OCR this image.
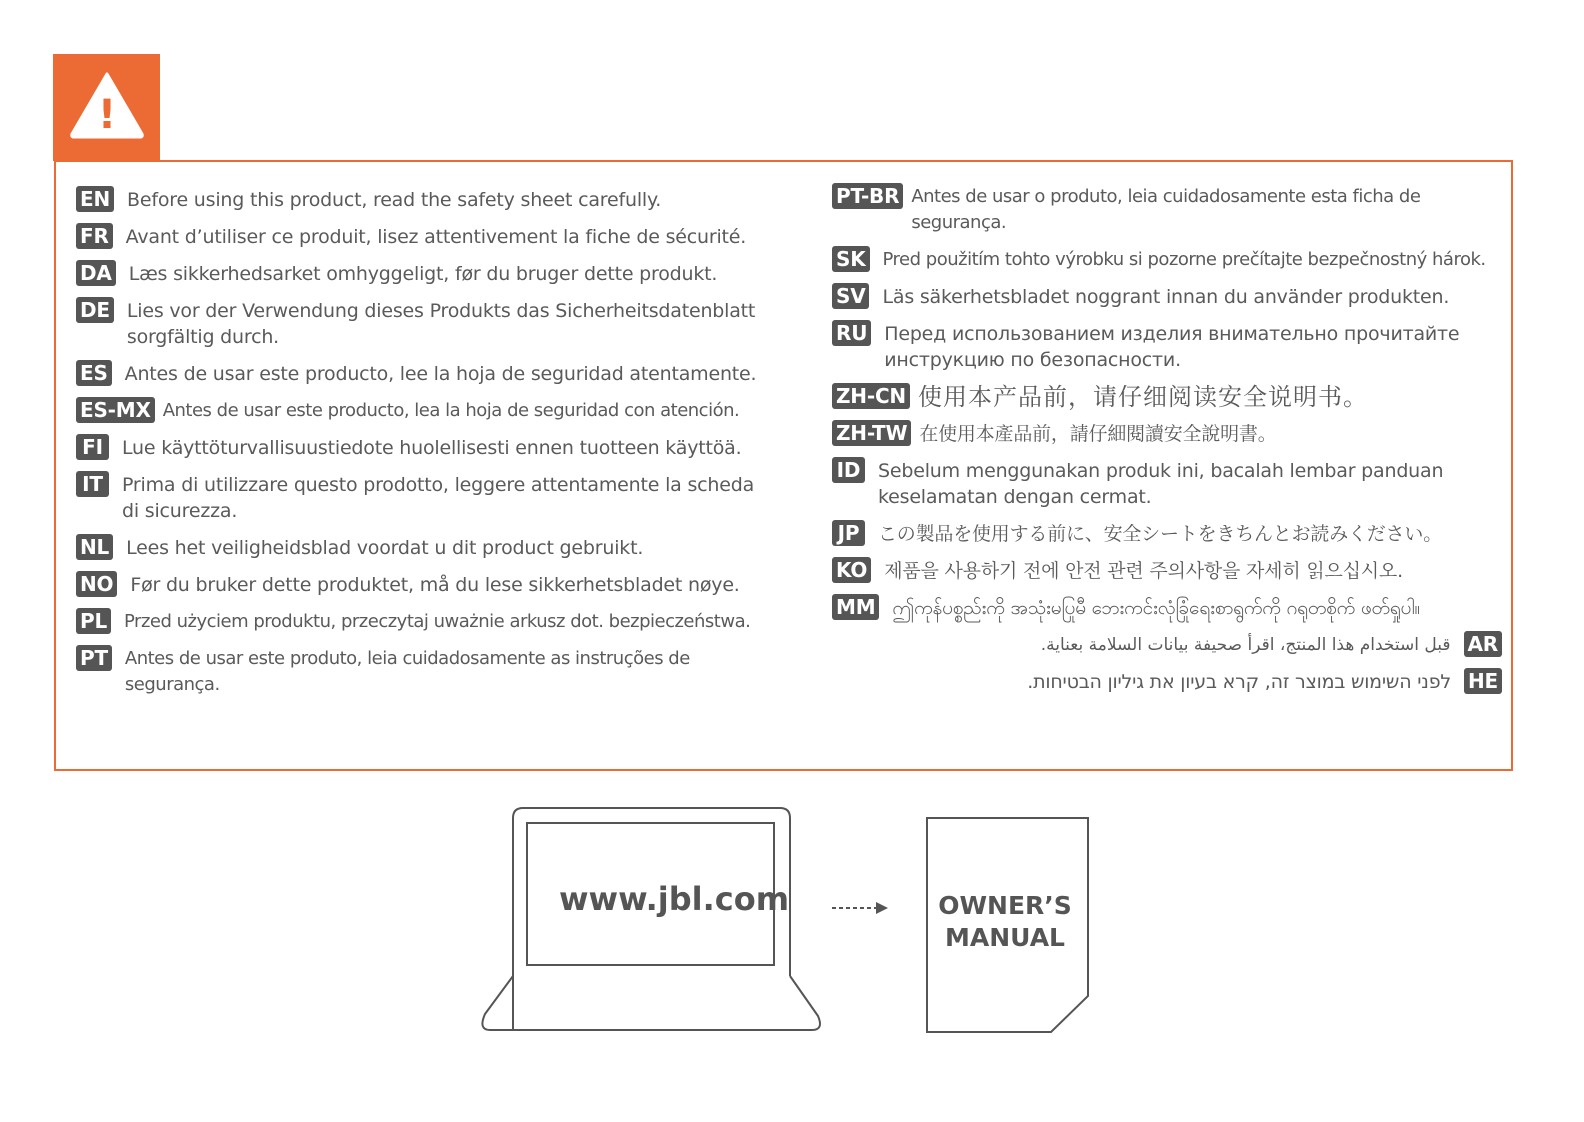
!
EN Before using this product, read the safety sheet carefully.
FR Avant d’utiliser ce produit, lisez attentivement la fiche de sécurité.
DA Læs sikkerhedsarket omhyggeligt, før du bruger dette produkt.
DE Lies vor der Verwendung dieses Produkts das Sicherheitsdatenblatt sorgfältig durch.
ES Antes de usar este producto, lee la hoja de seguridad atentamente.
ES-MX Antes de usar este producto, lea la hoja de seguridad con atención.
FI	Lue käyttöturvallisuustiedote huolellisesti ennen tuotteen käyttöä.
IT	Prima di utilizzare questo prodotto, leggere attentamente la scheda di sicurezza.
NL Lees het veiligheidsblad voordat u dit product gebruikt.
NO Før du bruker dette produktet, må du lese sikkerhetsbladet nøye.
PL Przed użyciem produktu, przeczytaj uważnie arkusz dot. bezpieczeństwa.
PT Antes de usar este produto, leia cuidadosamente as instruções de segurança.
PT-BR Antes de usar o produto, leia cuidadosamente esta ficha de segurança.
SK Pred použitím tohto výrobku si pozorne prečítajte bezpečnostný hárok.
SV Läs säkerhetsbladet noggrant innan du använder produkten.
RU Перед использованием изделия внимательно прочитайте инструкцию по безопасности.
ZH-CN 使用本产品前，请仔细阅读安全说明书。
ZH-TW 在使用本產品前，請仔細閱讀安全說明書。
ID Sebelum menggunakan produk ini, bacalah lembar panduan keselamatan dengan cermat.
JP この製品を使用する前に、安全シートをきちんとお読みください。
KO 제품을 사용하기 전에 안전 관련 주의사항을 자세히 읽으십시오.
MM ဤကုန်ပစ္စည်းကို အသုံးမပြုမီ ဘေးကင်းလုံခြုံရေးစာရွက်ကို ဂရုတစိုက် ဖတ်ရှုပါ။
AR
قبل استخدام هذا المنتج، اقرأ صحيفة بيانات السلامة بعناية.
HE
לפני השימוש במוצר זה, קרא בעיון את גיליון הבטיחות.
www.jbl.com	OWNER’S
MANUAL
